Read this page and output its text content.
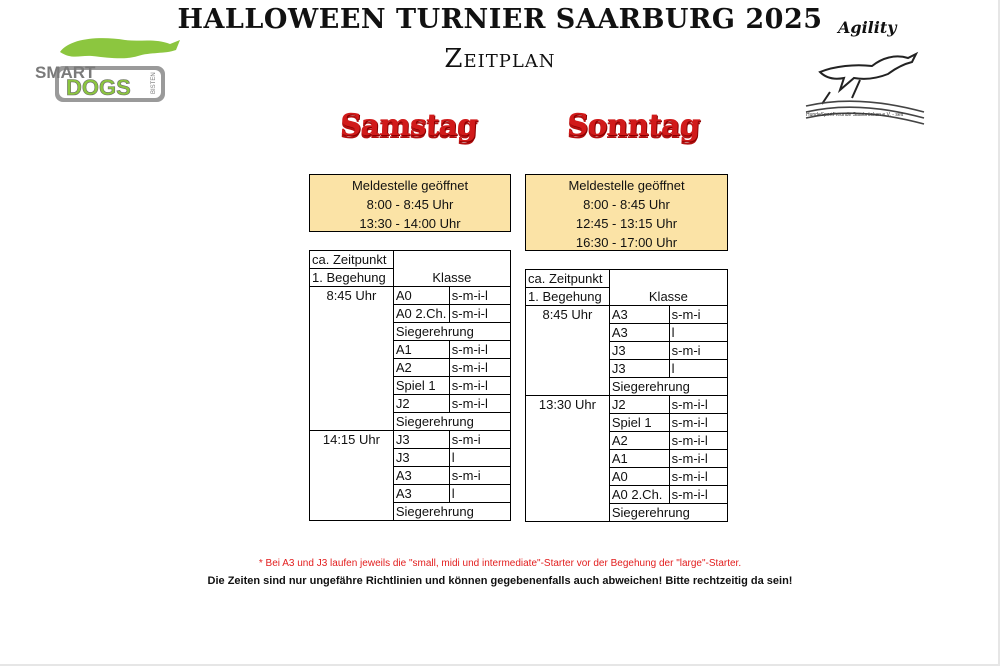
HALLOWEEN TURNIER SAARBURG 2025
Zeitplan
SMART
DOGS	BISTEN
Agility
HundeSportFreunde Saarbrücken e.V. - seit
Samstag	Sonntag
Meldestelle geöffnet
8:00 - 8:45 Uhr
13:30 - 14:00 Uhr
Meldestelle geöffnet
8:00 - 8:45 Uhr
12:45 - 13:15 Uhr
16:30 - 17:00 Uhr
ca. Zeitpunkt	Klasse	
1. Begehung		
8:45 Uhr	A0	s-m-i-l
	A0 2.Ch.	s-m-i-l
	Siegerehrung	
	A1	s-m-i-l
	A2	s-m-i-l
	Spiel 1	s-m-i-l
	J2	s-m-i-l
	Siegerehrung	
14:15 Uhr	J3	s-m-i
	J3	l
	A3	s-m-i
	A3	l
	Siegerehrung	
ca. Zeitpunkt	Klasse	
1. Begehung		
8:45 Uhr	A3	s-m-i
	A3	l
	J3	s-m-i
	J3	l
	Siegerehrung	
13:30 Uhr	J2	s-m-i-l
	Spiel 1	s-m-i-l
	A2	s-m-i-l
	A1	s-m-i-l
	A0	s-m-i-l
	A0 2.Ch.	s-m-i-l
	Siegerehrung	
* Bei A3 und J3 laufen jeweils die "small, midi und intermediate"-Starter vor der Begehung der "large"-Starter.
Die Zeiten sind nur ungefähre Richtlinien und können gegebenenfalls auch abweichen! Bitte rechtzeitig da sein!
